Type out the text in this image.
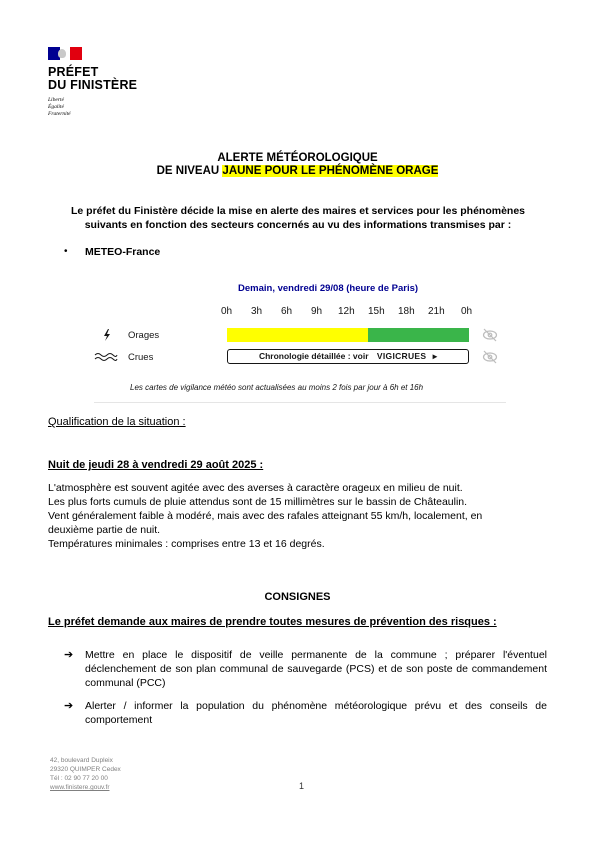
PRÉFET
DU FINISTÈRE
Liberté
Égalité
Fraternité
ALERTE MÉTÉOROLOGIQUE
DE NIVEAU JAUNE POUR LE PHÉNOMÈNE ORAGE
Le préfet du Finistère décide la mise en alerte des maires et services pour les phénomènes suivants en fonction des secteurs concernés au vu des informations transmises par :
• METEO-France
Demain, vendredi 29/08 (heure de Paris)
0h 3h 6h 9h 12h 15h 18h 21h 0h
Orages
Crues	Chronologie détaillée : voir VIGICRUES ▸
Les cartes de vigilance météo sont actualisées au moins 2 fois par jour à 6h et 16h
Qualification de la situation :
Nuit de jeudi 28 à vendredi 29 août 2025 :
L'atmosphère est souvent agitée avec des averses à caractère orageux en milieu de nuit.
Les plus forts cumuls de pluie attendus sont de 15 millimètres sur le bassin de Châteaulin.
Vent généralement faible à modéré, mais avec des rafales atteignant 55 km/h, localement, en
deuxième partie de nuit.
Températures minimales : comprises entre 13 et 16 degrés.
CONSIGNES
Le préfet demande aux maires de prendre toutes mesures de prévention des risques :
➔ Mettre en place le dispositif de veille permanente de la commune ; préparer l'éventuel déclenchement de son plan communal de sauvegarde (PCS) et de son poste de commandement communal (PCC)
➔ Alerter / informer la population du phénomène météorologique prévu et des conseils de comportement
42, boulevard Dupleix
29320 QUIMPER Cedex
Tél : 02 90 77 20 00
www.finistere.gouv.fr	1
